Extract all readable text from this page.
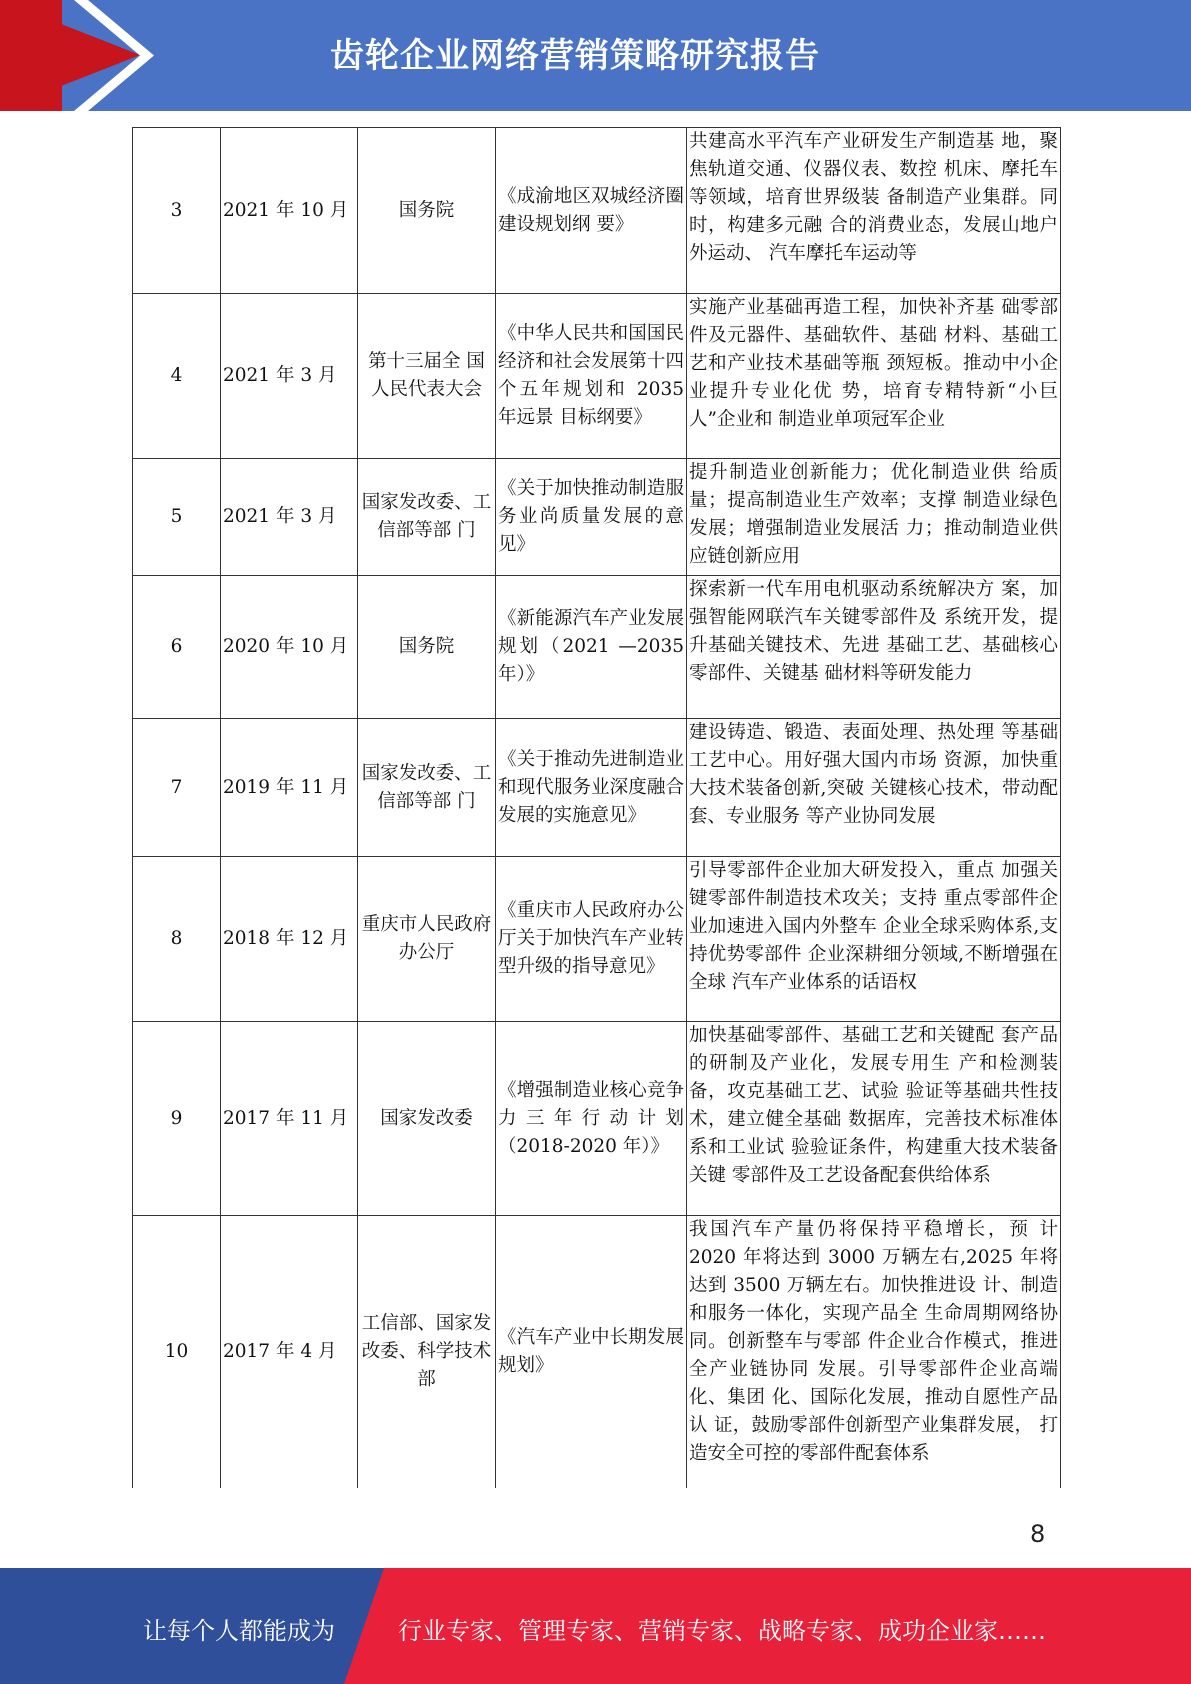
齿轮企业网络营销策略研究报告
3	2021 年 10 月	国务院	《成渝地区双城经济圈建设规划纲 要》	共建高水平汽车产业研发生产制造基 地，聚焦轨道交通、仪器仪表、数控 机床、摩托车等领域，培育世界级装 备制造产业集群。同时，构建多元融 合的消费业态，发展山地户外运动、 汽车摩托车运动等
4	2021 年 3 月	第十三届全 国人民代表大会	《中华人民共和国国民经济和社会发展第十四个五年规划和 2035 年远景 目标纲要》	实施产业基础再造工程，加快补齐基 础零部件及元器件、基础软件、基础 材料、基础工艺和产业技术基础等瓶 颈短板。推动中小企业提升专业化优 势，培育专精特新“小巨人”企业和 制造业单项冠军企业
5	2021 年 3 月	国家发改委、工信部等部 门	《关于加快推动制造服务业尚质量发展的意见》	提升制造业创新能力；优化制造业供 给质量；提高制造业生产效率；支撑 制造业绿色发展；增强制造业发展活 力；推动制造业供应链创新应用
6	2020 年 10 月	国务院	《新能源汽车产业发展规划（2021 —2035 年）》	探索新一代车用电机驱动系统解决方 案，加强智能网联汽车关键零部件及 系统开发，提升基础关键技术、先进 基础工艺、基础核心零部件、关键基 础材料等研发能力
7	2019 年 11 月	国家发改委、工信部等部 门	《关于推动先进制造业和现代服务业深度融合发展的实施意见》	建设铸造、锻造、表面处理、热处理 等基础工艺中心。用好强大国内市场 资源，加快重大技术装备创新,突破 关键核心技术，带动配套、专业服务 等产业协同发展
8	2018 年 12 月	重庆市人民政府办公厅	《重庆市人民政府办公厅关于加快汽车产业转型升级的指导意见》	引导零部件企业加大研发投入，重点 加强关键零部件制造技术攻关；支持 重点零部件企业加速进入国内外整车 企业全球采购体系,支持优势零部件 企业深耕细分领域,不断增强在全球 汽车产业体系的话语权
9	2017 年 11 月	国家发改委	《增强制造业核心竞争力三年行动计划（2018-2020 年）》	加快基础零部件、基础工艺和关键配 套产品的研制及产业化，发展专用生 产和检测装备，攻克基础工艺、试验 验证等基础共性技术，建立健全基础 数据库，完善技术标准体系和工业试 验验证条件，构建重大技术装备关键 零部件及工艺设备配套供给体系
10	2017 年 4 月	工信部、国家发改委、科学技术部	《汽车产业中长期发展规划》	我国汽车产量仍将保持平稳增长，预 计 2020 年将达到 3000 万辆左右,2025 年将达到 3500 万辆左右。加快推进设 计、制造和服务一体化，实现产品全 生命周期网络协同。创新整车与零部 件企业合作模式，推进全产业链协同 发展。引导零部件企业高端化、集团 化、国际化发展，推动自愿性产品认 证，鼓励零部件创新型产业集群发展， 打造安全可控的零部件配套体系
8
让每个人都能成为	行业专家、管理专家、营销专家、战略专家、成功企业家……
